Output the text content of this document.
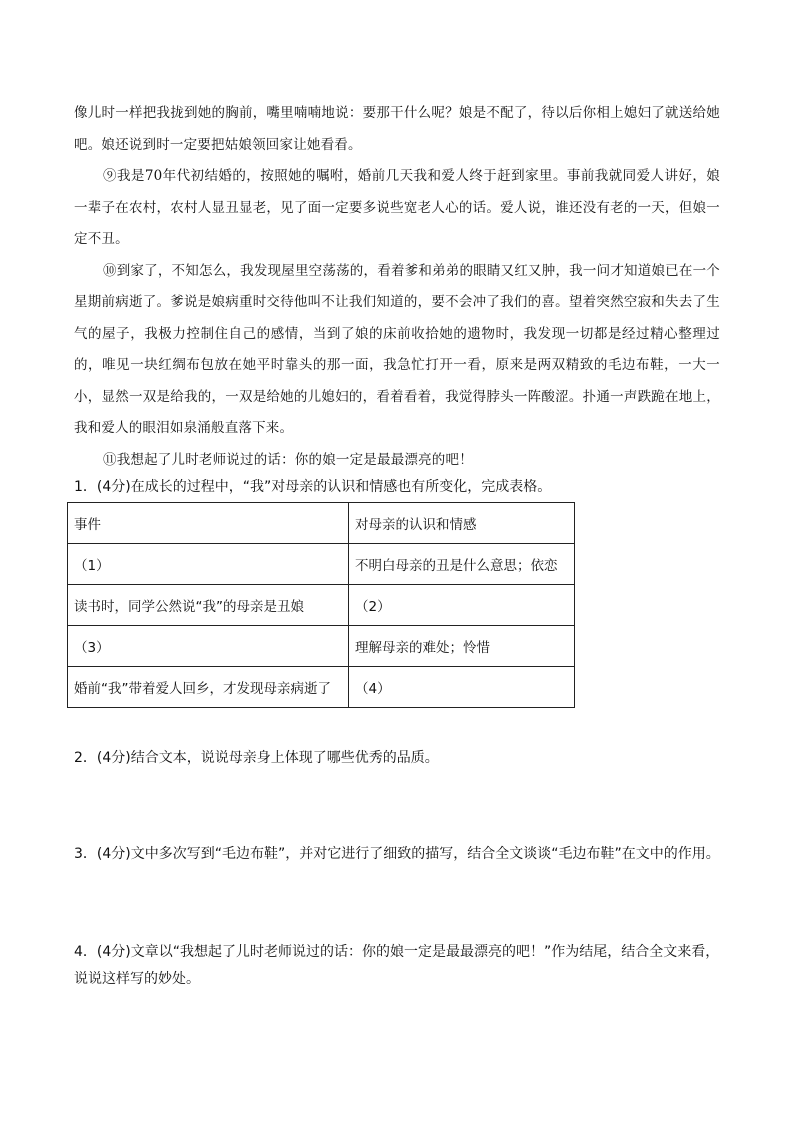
像儿时一样把我拢到她的胸前，嘴里喃喃地说：要那干什么呢？娘是不配了，待以后你相上媳妇了就送给她吧。娘还说到时一定要把姑娘领回家让她看看。

⑨我是70年代初结婚的，按照她的嘱咐，婚前几天我和爱人终于赶到家里。事前我就同爱人讲好，娘一辈子在农村，农村人显丑显老，见了面一定要多说些宽老人心的话。爱人说，谁还没有老的一天，但娘一定不丑。

⑩到家了，不知怎么，我发现屋里空荡荡的，看着爹和弟弟的眼睛又红又肿，我一问才知道娘已在一个星期前病逝了。爹说是娘病重时交待他叫不让我们知道的，要不会冲了我们的喜。望着突然空寂和失去了生气的屋子，我极力控制住自己的感情，当到了娘的床前收拾她的遗物时，我发现一切都是经过精心整理过的，唯见一块红绸布包放在她平时靠头的那一面，我急忙打开一看，原来是两双精致的毛边布鞋，一大一小，显然一双是给我的，一双是给她的儿媳妇的，看着看着，我觉得脖头一阵酸涩。扑通一声跌跪在地上，我和爱人的眼泪如泉涌般直落下来。

⑪我想起了儿时老师说过的话：你的娘一定是最最漂亮的吧！

1．(4分)在成长的过程中，“我”对母亲的认识和情感也有所变化，完成表格。
事件	对母亲的认识和情感
（1）	不明白母亲的丑是什么意思；依恋
读书时，同学公然说“我”的母亲是丑娘	（2）
（3）	理解母亲的难处；怜惜
婚前“我”带着爱人回乡，才发现母亲病逝了	（4）
2．(4分)结合文本，说说母亲身上体现了哪些优秀的品质。
3．(4分)文中多次写到“毛边布鞋”，并对它进行了细致的描写，结合全文谈谈“毛边布鞋”在文中的作用。
4．(4分)文章以“我想起了儿时老师说过的话：你的娘一定是最最漂亮的吧！”作为结尾，结合全文来看，说说这样写的妙处。
